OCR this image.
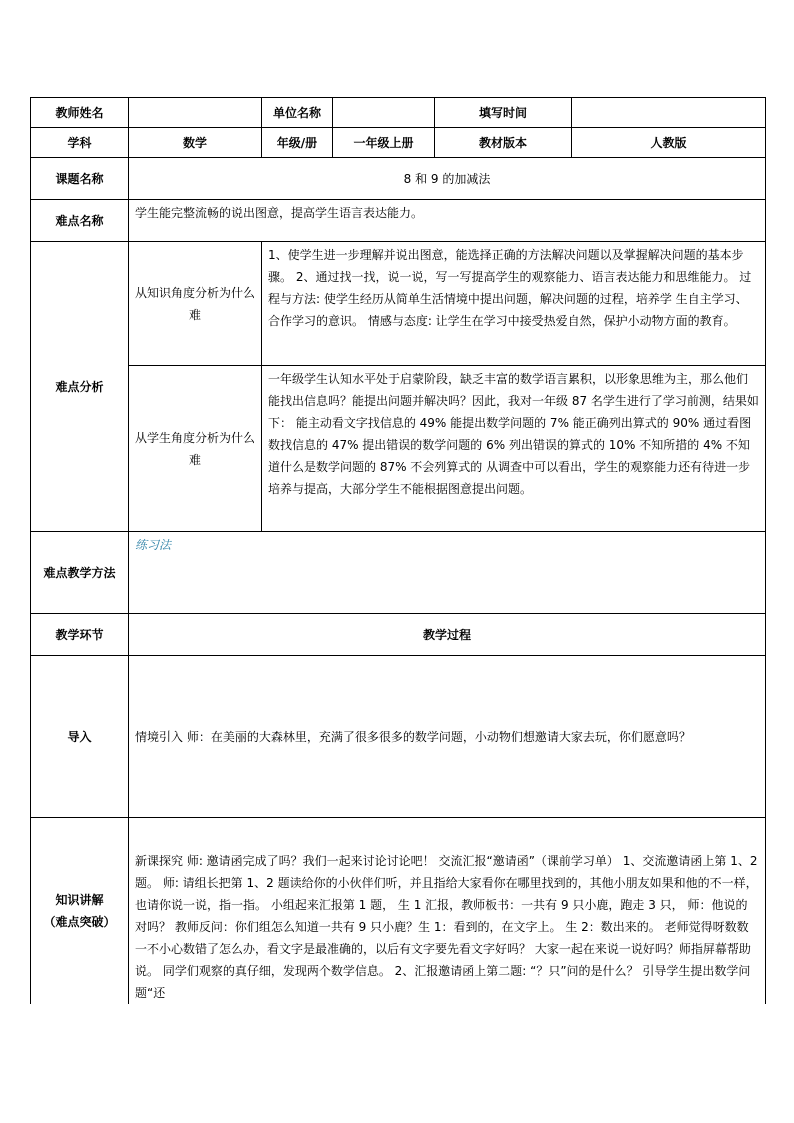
教师姓名		单位名称		填写时间	
学科	数学	年级/册	一年级上册	教材版本	人教版
课题名称	8 和 9 的加减法				
难点名称	学生能完整流畅的说出图意，提高学生语言表达能力。				
难点分析	从知识角度分析为什么难	1、使学生进一步理解并说出图意，能选择正确的方法解决问题以及掌握解决问题的基本步骤。 2、通过找一找，说一说，写一写提高学生的观察能力、语言表达能力和思维能力。 过程与方法: 使学生经历从简单生活情境中提出问题，解决问题的过程，培养学 生自主学习、合作学习的意识。 情感与态度: 让学生在学习中接受热爱自然，保护小动物方面的教育。			
	从学生角度分析为什么难	一年级学生认知水平处于启蒙阶段，缺乏丰富的数学语言累积，以形象思维为主，那么他们能找出信息吗？能提出问题并解决吗？因此，我对一年级 87 名学生进行了学习前测，结果如下： 能主动看文字找信息的 49% 能提出数学问题的 7% 能正确列出算式的 90% 通过看图数找信息的 47% 提出错误的数学问题的 6% 列出错误的算式的 10% 不知所措的 4% 不知道什么是数学问题的 87% 不会列算式的 从调查中可以看出，学生的观察能力还有待进一步培养与提高，大部分学生不能根据图意提出问题。			
难点教学方法	练习法				
教学环节	教学过程				
导入	情境引入 师：在美丽的大森林里，充满了很多很多的数学问题，小动物们想邀请大家去玩，你们愿意吗？				

知识讲解
（难点突破）	新课探究 师: 邀请函完成了吗？我们一起来讨论讨论吧！ 交流汇报“邀请函”（课前学习单） 1、交流邀请函上第 1、2 题。 师: 请组长把第 1、2 题读给你的小伙伴们听，并且指给大家看你在哪里找到的，其他小朋友如果和他的不一样，也请你说一说，指一指。 小组起来汇报第 1 题， 生 1 汇报，教师板书：一共有 9 只小鹿，跑走 3 只， 师：他说的对吗？ 教师反问：你们组怎么知道一共有 9 只小鹿？生 1：看到的，在文字上。 生 2：数出来的。 老师觉得呀数数一不小心数错了怎么办，看文字是最准确的，以后有文字要先看文字好吗？ 大家一起在来说一说好吗？师指屏幕帮助说。 同学们观察的真仔细，发现两个数学信息。 2、汇报邀请函上第二题: “？只”问的是什么？ 引导学生提出数学问题“还				
